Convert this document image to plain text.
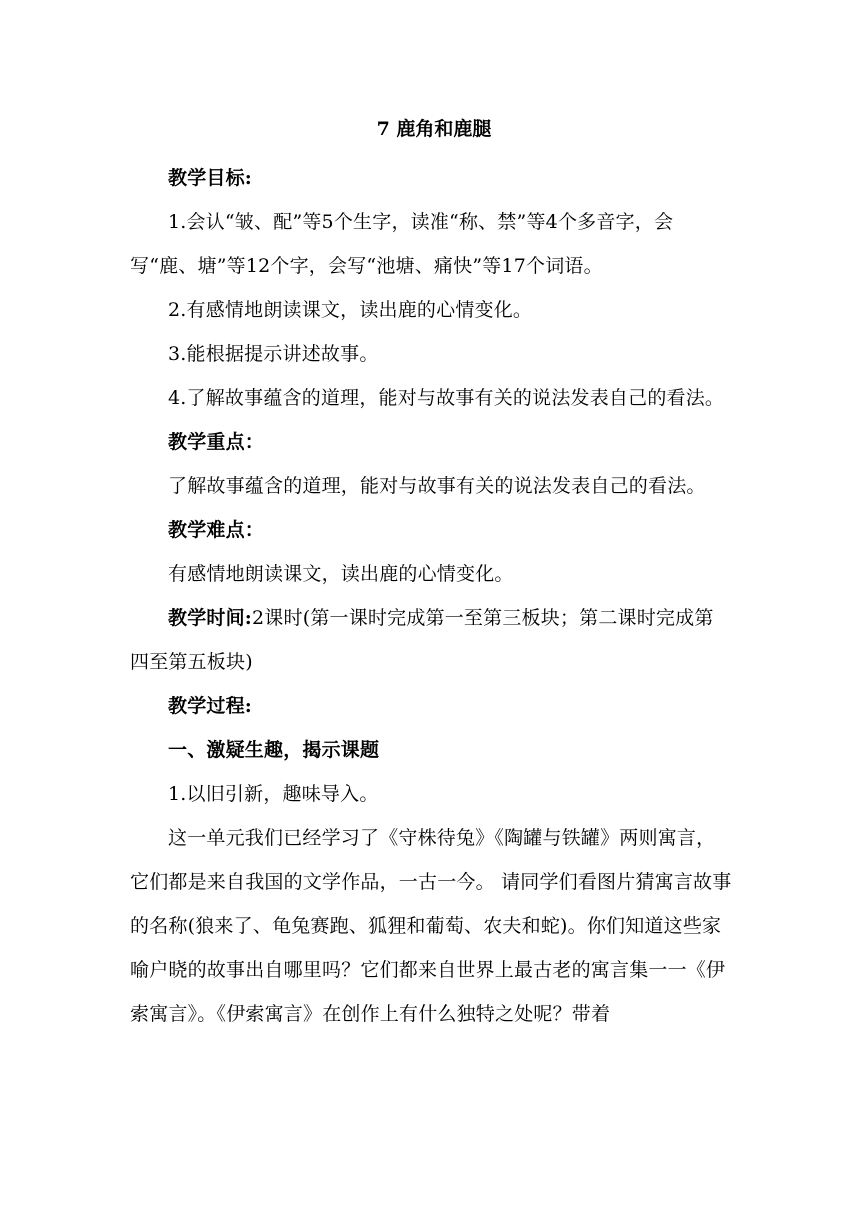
7 鹿角和鹿腿

教学目标:

1.会认“皱、配”等5个生字，读准“称、禁”等4个多音字，会写“鹿、塘”等12个字，会写“池塘、痛快”等17个词语。

2.有感情地朗读课文，读出鹿的心情变化。

3.能根据提示讲述故事。

4.了解故事蕴含的道理，能对与故事有关的说法发表自己的看法。

教学重点：

了解故事蕴含的道理，能对与故事有关的说法发表自己的看法。

教学难点：

有感情地朗读课文，读出鹿的心情变化。

教学时间:2课时(第一课时完成第一至第三板块；第二课时完成第四至第五板块)

教学过程:

一、激疑生趣，揭示课题

1.以旧引新，趣味导入。

这一单元我们已经学习了《守株待兔》《陶罐与铁罐》两则寓言，它们都是来自我国的文学作品，一古一今。 请同学们看图片猜寓言故事的名称(狼来了、龟兔赛跑、狐狸和葡萄、农夫和蛇)。你们知道这些家喻户晓的故事出自哪里吗？它们都来自世界上最古老的寓言集一一《伊索寓言》。《伊索寓言》在创作上有什么独特之处呢？带着
